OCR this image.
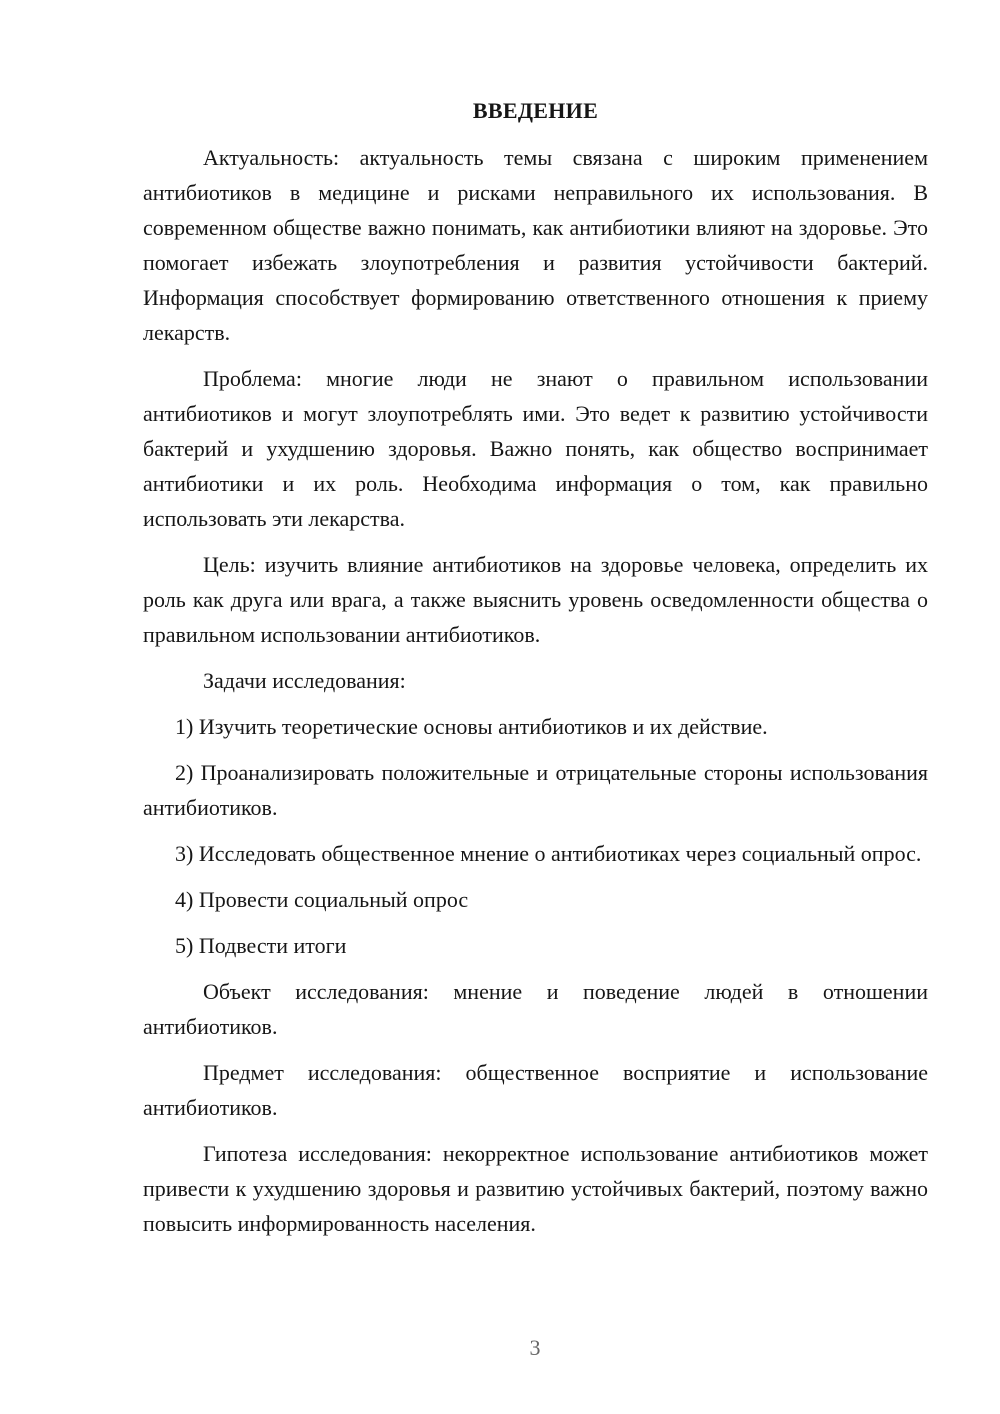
ВВЕДЕНИЕ

Актуальность: актуальность темы связана с широким применением антибиотиков в медицине и рисками неправильного их использования. В современном обществе важно понимать, как антибиотики влияют на здоровье. Это помогает избежать злоупотребления и развития устойчивости бактерий. Информация способствует формированию ответственного отношения к приему лекарств.

Проблема: многие люди не знают о правильном использовании антибиотиков и могут злоупотреблять ими. Это ведет к развитию устойчивости бактерий и ухудшению здоровья. Важно понять, как общество воспринимает антибиотики и их роль. Необходима информация о том, как правильно использовать эти лекарства.

Цель: изучить влияние антибиотиков на здоровье человека, определить их роль как друга или врага, а также выяснить уровень осведомленности общества о правильном использовании антибиотиков.

Задачи исследования:

1) Изучить теоретические основы антибиотиков и их действие.

2) Проанализировать положительные и отрицательные стороны использования антибиотиков.

3) Исследовать общественное мнение о антибиотиках через социальный опрос.

4) Провести социальный опрос

5) Подвести итоги

Объект исследования: мнение и поведение людей в отношении антибиотиков.

Предмет исследования: общественное восприятие и использование антибиотиков.

Гипотеза исследования: некорректное использование антибиотиков может привести к ухудшению здоровья и развитию устойчивых бактерий, поэтому важно повысить информированность населения.

3
